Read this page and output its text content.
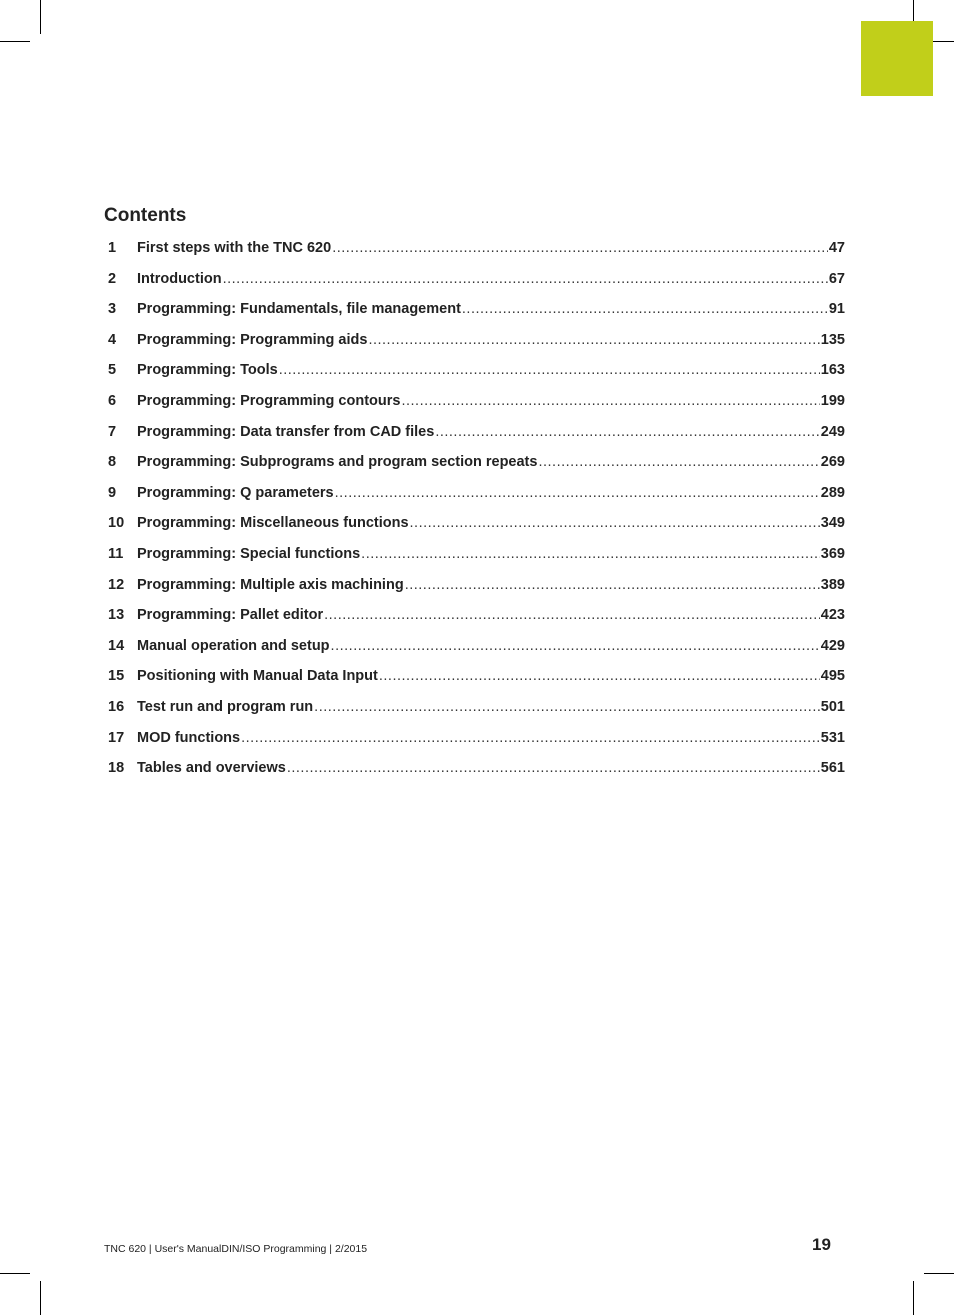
Contents
1	First steps with the TNC 620 .....	47
2	Introduction .....	67
3	Programming: Fundamentals, file management .....	91
4	Programming: Programming aids .....	135
5	Programming: Tools .....	163
6	Programming: Programming contours .....	199
7	Programming: Data transfer from CAD files .....	249
8	Programming: Subprograms and program section repeats .....	269
9	Programming: Q parameters .....	289
10 Programming: Miscellaneous functions .....	349
11 Programming: Special functions .....	369
12 Programming: Multiple axis machining .....	389
13 Programming: Pallet editor .....	423
14 Manual operation and setup .....	429
15 Positioning with Manual Data Input .....	495
16 Test run and program run .....	501
17 MOD functions .....	531
18 Tables and overviews .....	561
TNC 620 | User's ManualDIN/ISO Programming | 2/2015	19
